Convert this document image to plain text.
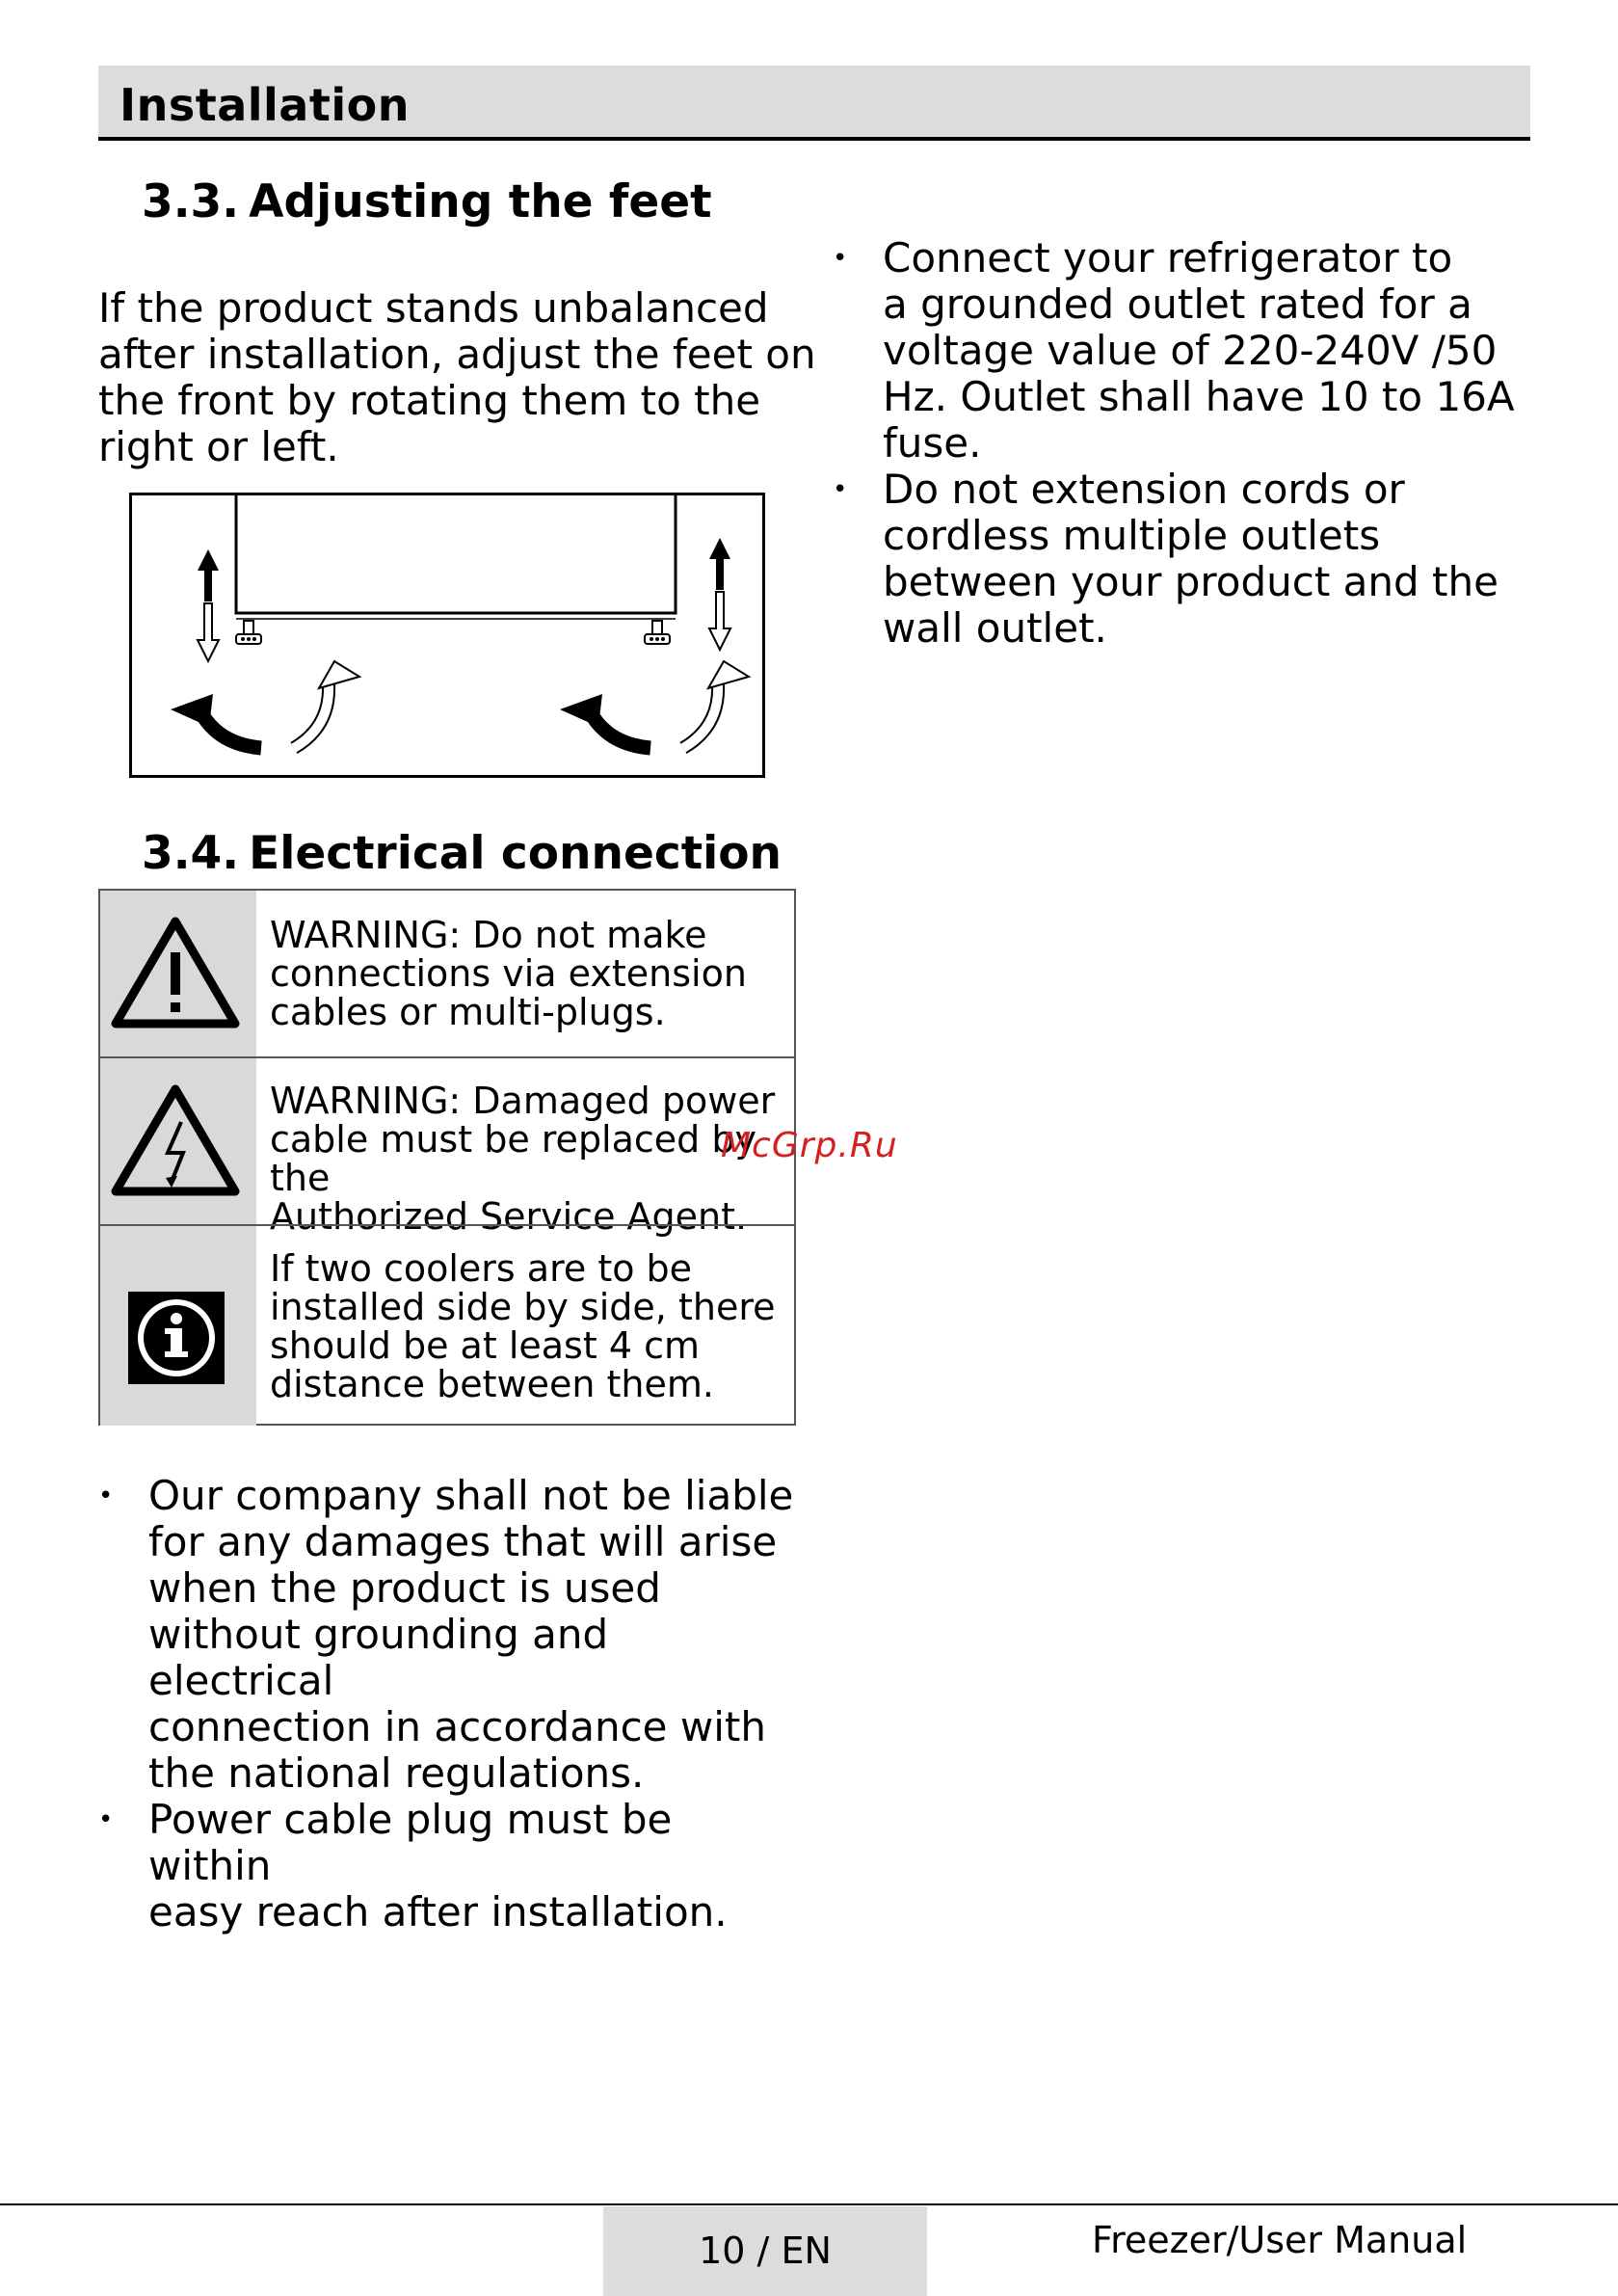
Installation
3.3. Adjusting the feet
If the product stands unbalanced
after installation, adjust the feet on
the front by rotating them to the
right or left.
3.4. Electrical connection
WARNING: Do not make
connections via extension
cables or multi-plugs.
WARNING: Damaged power
cable must be replaced by the
Authorized Service Agent.
If two coolers are to be
installed side by side, there
should be at least 4 cm
distance between them.
McGrp.Ru
• Our company shall not be liable
for any damages that will arise
when the product is used
without grounding and electrical
connection in accordance with
the national regulations.
• Power cable plug must be within
easy reach after installation.
• Connect your refrigerator to
a grounded outlet rated for a
voltage value of 220-240V /50
Hz. Outlet shall have 10 to 16A
fuse.
• Do not extension cords or
cordless multiple outlets
between your product and the
wall outlet.
10 / EN	Freezer/User Manual
